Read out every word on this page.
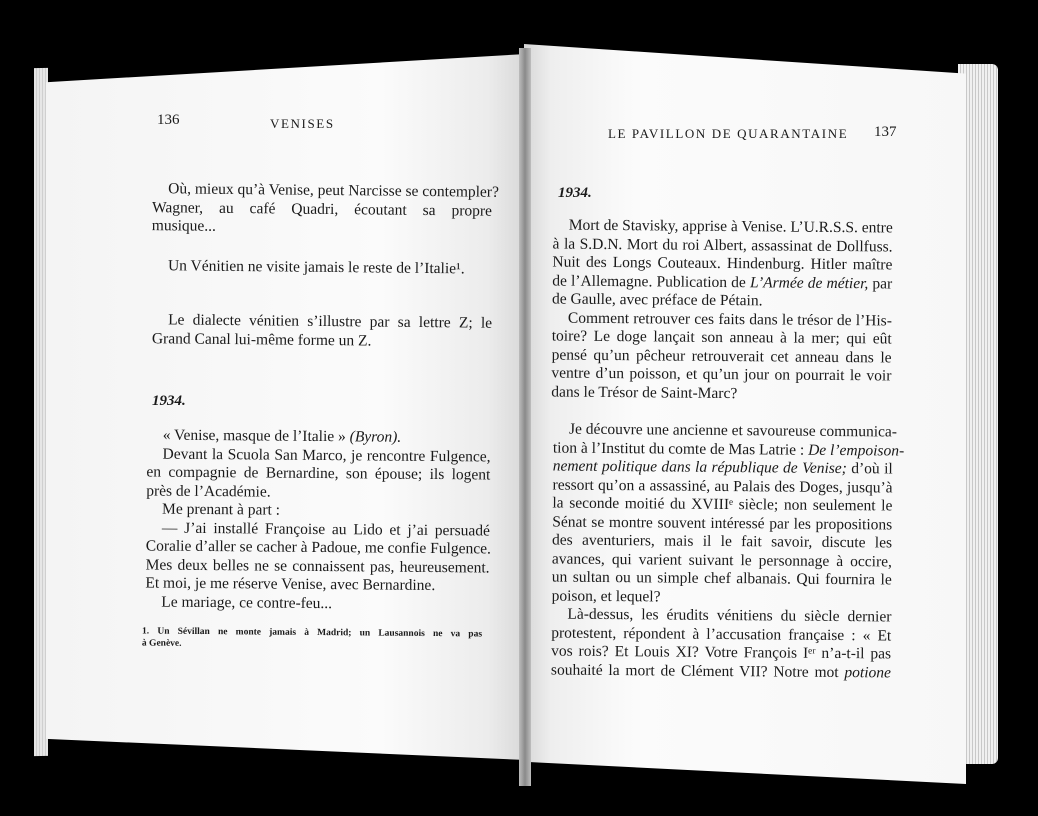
136	VENISES
Où, mieux qu’à Venise, peut Narcisse se contempler?
Wagner, au café Quadri, écoutant sa propre
musique...
Un Vénitien ne visite jamais le reste de l’Italie¹.
Le dialecte vénitien s’illustre par sa lettre Z; le
Grand Canal lui-même forme un Z.
1934.
« Venise, masque de l’Italie » (Byron).
Devant la Scuola San Marco, je rencontre Fulgence,
en compagnie de Bernardine, son épouse; ils logent
près de l’Académie.
Me prenant à part :
— J’ai installé Françoise au Lido et j’ai persuadé
Coralie d’aller se cacher à Padoue, me confie Fulgence.
Mes deux belles ne se connaissent pas, heureusement.
Et moi, je me réserve Venise, avec Bernardine.
Le mariage, ce contre-feu...
1. Un Sévillan ne monte jamais à Madrid; un Lausannois ne va pas
à Genève.
LE PAVILLON DE QUARANTAINE 137
1934.
Mort de Stavisky, apprise à Venise. L’U.R.S.S. entre
à la S.D.N. Mort du roi Albert, assassinat de Dollfuss.
Nuit des Longs Couteaux. Hindenburg. Hitler maître
de l’Allemagne. Publication de L’Armée de métier, par
de Gaulle, avec préface de Pétain.
Comment retrouver ces faits dans le trésor de l’His-
toire? Le doge lançait son anneau à la mer; qui eût
pensé qu’un pêcheur retrouverait cet anneau dans le
ventre d’un poisson, et qu’un jour on pourrait le voir
dans le Trésor de Saint-Marc?
Je découvre une ancienne et savoureuse communica-
tion à l’Institut du comte de Mas Latrie : De l’empoison-
nement politique dans la république de Venise; d’où il
ressort qu’on a assassiné, au Palais des Doges, jusqu’à
la seconde moitié du XVIIIᵉ siècle; non seulement le
Sénat se montre souvent intéressé par les propositions
des aventuriers, mais il le fait savoir, discute les
avances, qui varient suivant le personnage à occire,
un sultan ou un simple chef albanais. Qui fournira le
poison, et lequel?
Là-dessus, les érudits vénitiens du siècle dernier
protestent, répondent à l’accusation française : « Et
vos rois? Et Louis XI? Votre François Iᵉʳ n’a-t-il pas
souhaité la mort de Clément VII? Notre mot potione
